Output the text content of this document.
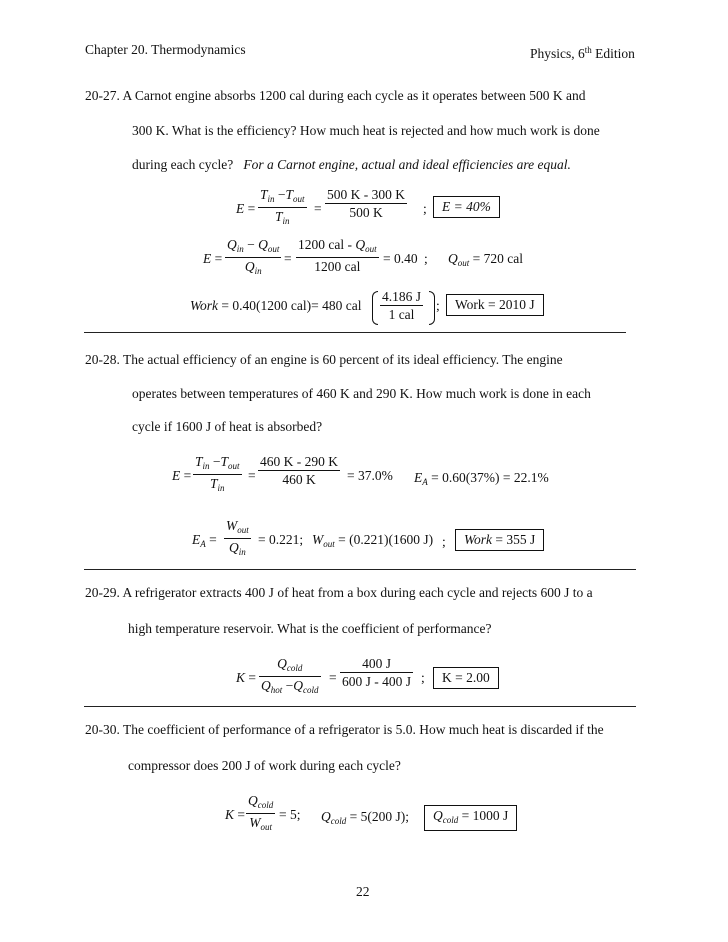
Chapter 20. Thermodynamics	Physics, 6th Edition
20-27. A Carnot engine absorbs 1200 cal during each cycle as it operates between 500 K and
300 K. What is the efficiency? How much heat is rejected and how much work is done
during each cycle? For a Carnot engine, actual and ideal efficiencies are equal.
E =
$T_{in} -T_{out}$
$T_{in}$
= $\frac{500 K - 300 K}{500 K}$ ;	E = 40%
E =
$Q_{in} - Q_{out}$
$Q_{in}$
=
1200 cal - $Q_{out}$
1200 cal
= 0.40 ; $Q_{out} = 720$ cal
Work = 0.40(1200 cal)= 480 cal
4.186 J
1 cal
;	Work = 2010 J
20-28. The actual efficiency of an engine is 60 percent of its ideal efficiency. The engine
operates between temperatures of 460 K and 290 K. How much work is done in each
cycle if 1600 J of heat is absorbed?
E =
$T_{in} -T_{out}$
$T_{in}$
= $\frac{460 K - 290 K}{460 K} = 37.0\%$ $E_A = 0.60(37\%) = 22.1\%$
$E_A$ =
$W_{out}$
$Q_{in}$
= 0.221; $W_{out} = (0.221)(1600$ J) ;	Work = 355 J
20-29. A refrigerator extracts 400 J of heat from a box during each cycle and rejects 600 J to a
high temperature reservoir. What is the coefficient of performance?
K =
$Q_{cold}$
$Q_{hot} -Q_{cold}$
= $\frac{400 J}{600 J - 400 J}$ ;	K = 2.00
20-30. The coefficient of performance of a refrigerator is 5.0. How much heat is discarded if the
compressor does 200 J of work during each cycle?
K =
$Q_{cold}$
$W_{out}$
= 5; $Q_{cold} = 5(200$ J);	$Q_{cold} = 1000$ J
22
